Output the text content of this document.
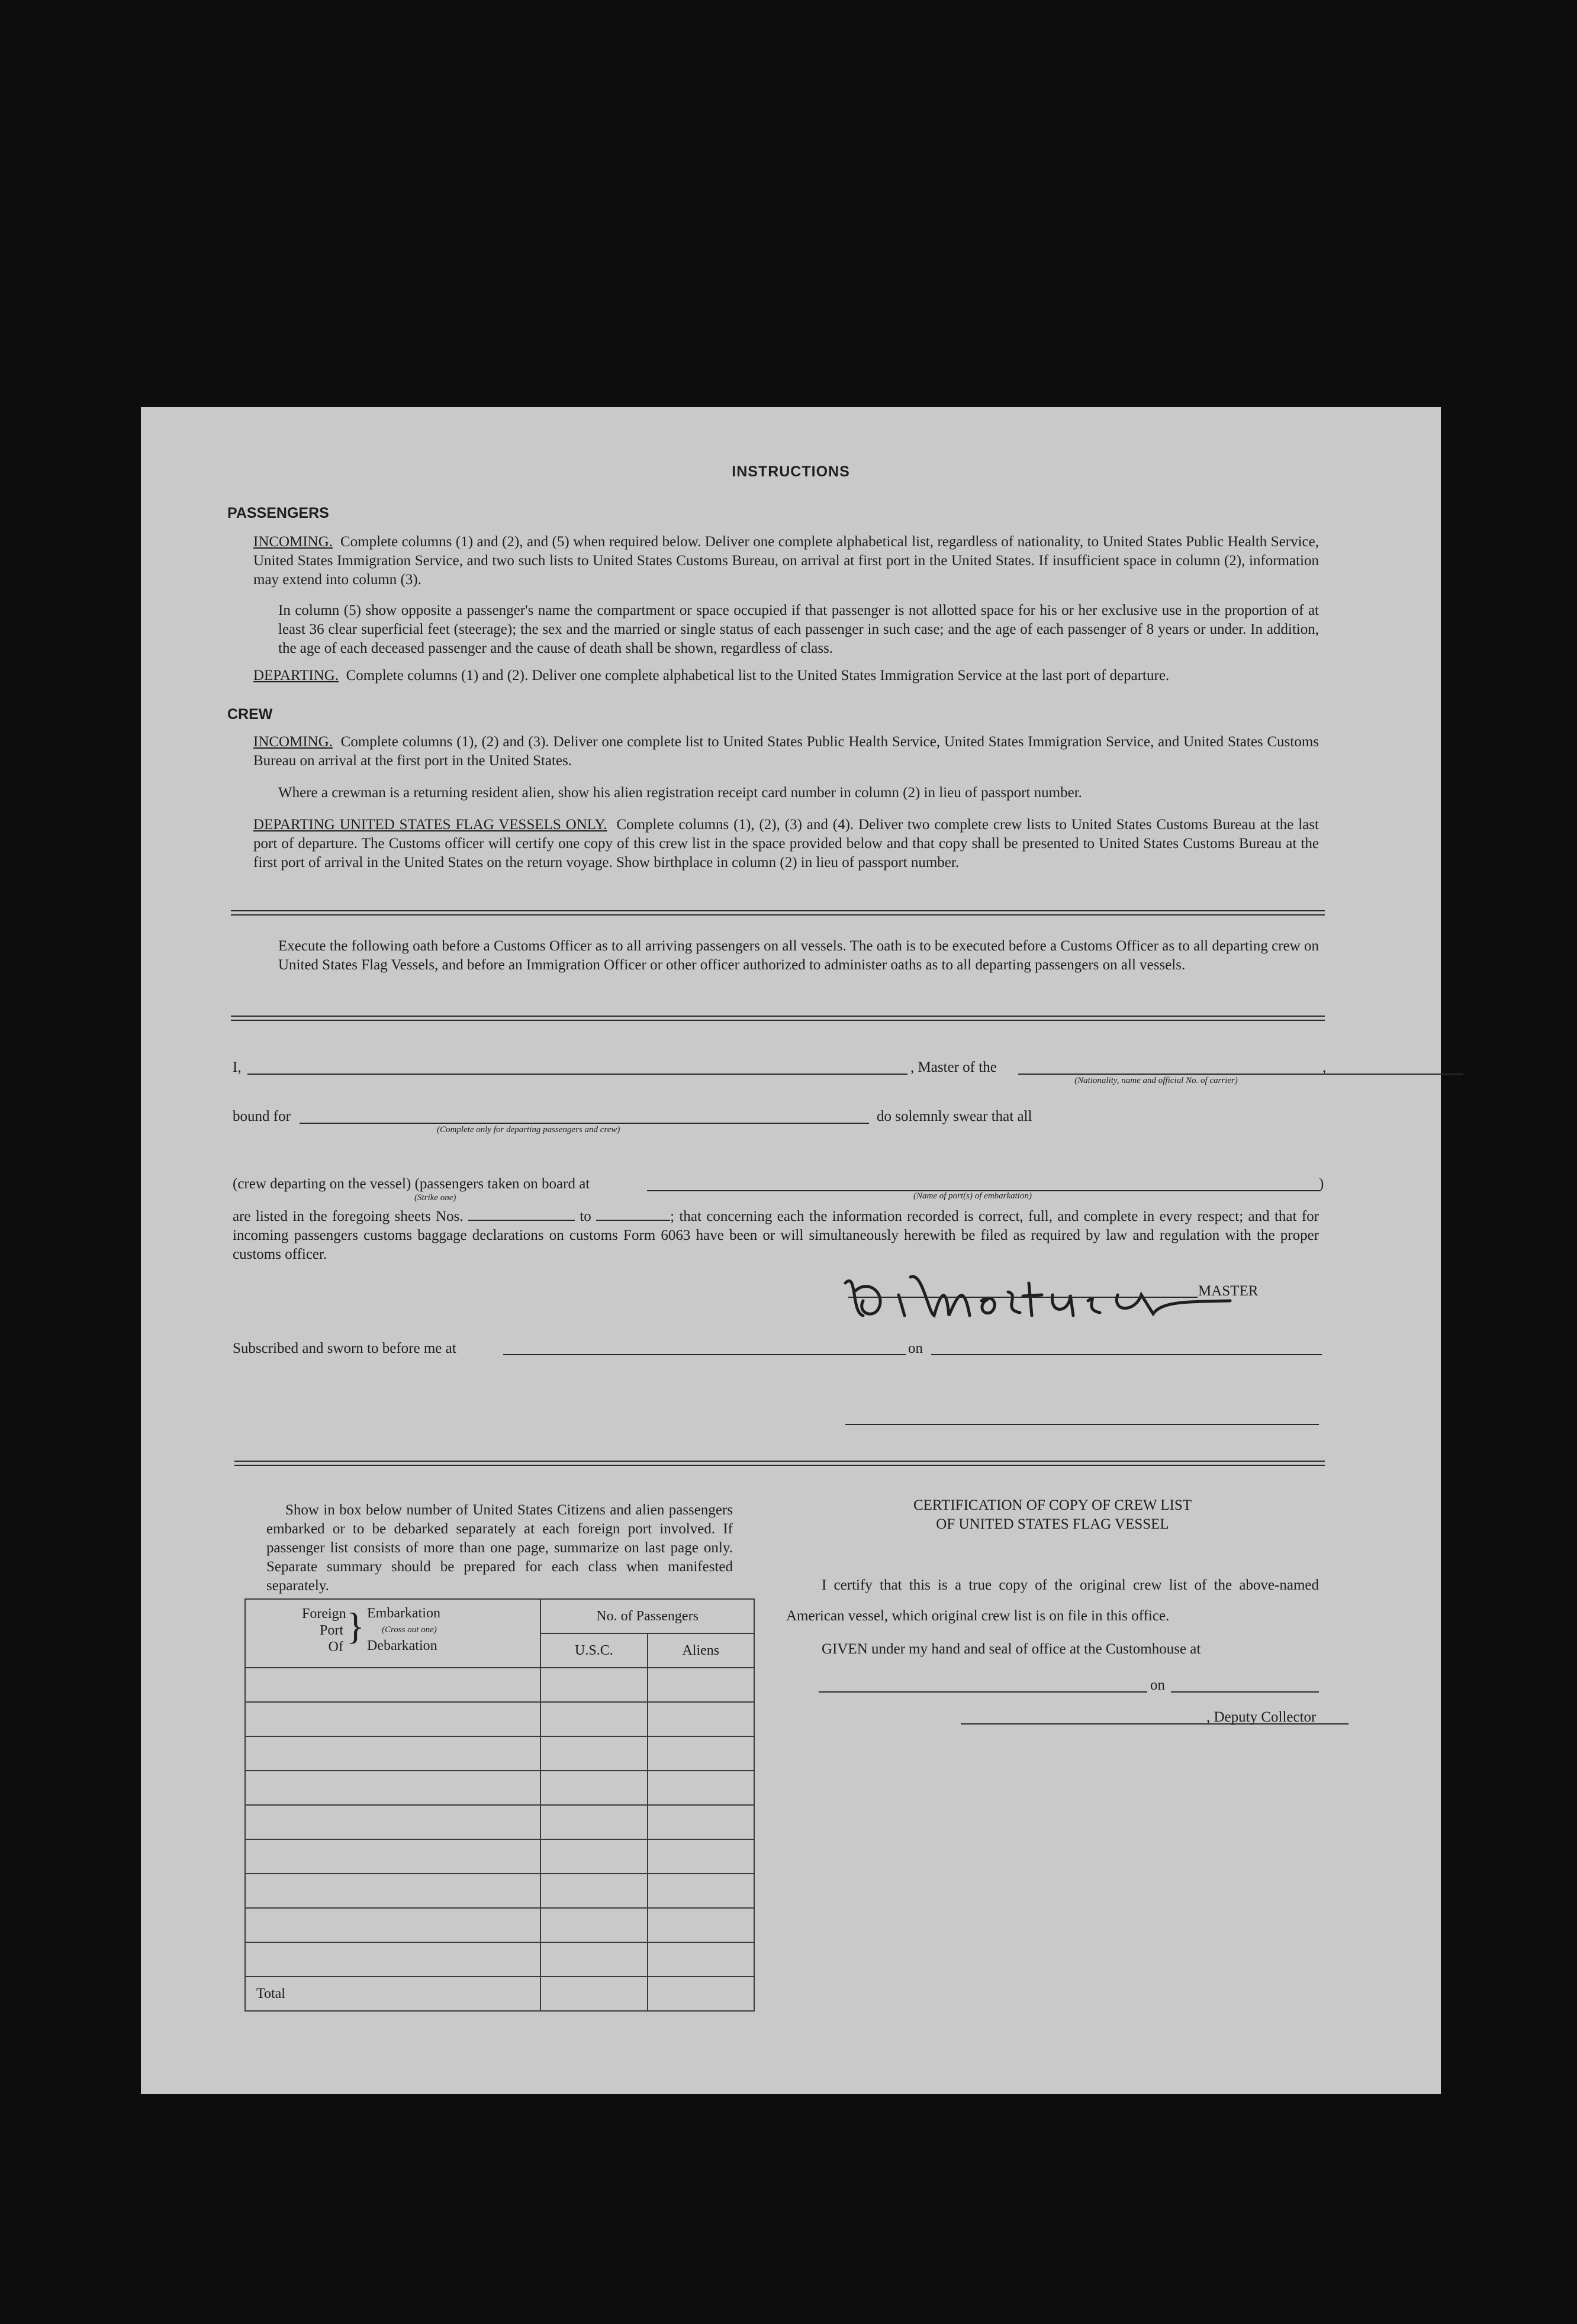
INSTRUCTIONS
PASSENGERS
INCOMING. Complete columns (1) and (2), and (5) when required below. Deliver one complete alphabetical list, regardless of nationality, to United States Public Health Service, United States Immigration Service, and two such lists to United States Customs Bureau, on arrival at first port in the United States. If insufficient space in column (2), information may extend into column (3).
In column (5) show opposite a passenger's name the compartment or space occupied if that passenger is not allotted space for his or her exclusive use in the proportion of at least 36 clear superficial feet (steerage); the sex and the married or single status of each passenger in such case; and the age of each passenger of 8 years or under. In addition, the age of each deceased passenger and the cause of death shall be shown, regardless of class.
DEPARTING. Complete columns (1) and (2). Deliver one complete alphabetical list to the United States Immigration Service at the last port of departure.
CREW
INCOMING. Complete columns (1), (2) and (3). Deliver one complete list to United States Public Health Service, United States Immigration Service, and United States Customs Bureau on arrival at the first port in the United States.
Where a crewman is a returning resident alien, show his alien registration receipt card number in column (2) in lieu of passport number.
DEPARTING UNITED STATES FLAG VESSELS ONLY. Complete columns (1), (2), (3) and (4). Deliver two complete crew lists to United States Customs Bureau at the last port of departure. The Customs officer will certify one copy of this crew list in the space provided below and that copy shall be presented to United States Customs Bureau at the first port of arrival in the United States on the return voyage. Show birthplace in column (2) in lieu of passport number.
Execute the following oath before a Customs Officer as to all arriving passengers on all vessels. The oath is to be executed before a Customs Officer as to all departing crew on United States Flag Vessels, and before an Immigration Officer or other officer authorized to administer oaths as to all departing passengers on all vessels.
I,	, Master of the	,
(Nationality, name and official No. of carrier)
bound for
(Complete only for departing passengers and crew)
do solemnly swear that all
(crew departing on the vessel) (passengers taken on board at
(Strike one)	(Name of port(s) of embarkation)
)
are listed in the foregoing sheets Nos.	to	; that concerning each the information recorded is correct, full, and complete in every respect; and that for incoming passengers customs baggage declarations on customs Form 6063 have been or will simultaneously herewith be filed as required by law and regulation with the proper customs officer.
MASTER
Subscribed and sworn to before me at	on
Show in box below number of United States Citizens and alien passengers embarked or to be debarked separately at each foreign port involved. If passenger list consists of more than one page, summarize on last page only. Separate summary should be prepared for each class when manifested separately.
Foreign Port Of } Embarkation
(Cross out one)
Debarkation	No. of Passengers	
	U.S.C.	Aliens

Total		
CERTIFICATION OF COPY OF CREW LIST
OF UNITED STATES FLAG VESSEL
I certify that this is a true copy of the original crew list of the above-named American vessel, which original crew list is on file in this office.
GIVEN under my hand and seal of office at the Customhouse at
on
, Deputy Collector
